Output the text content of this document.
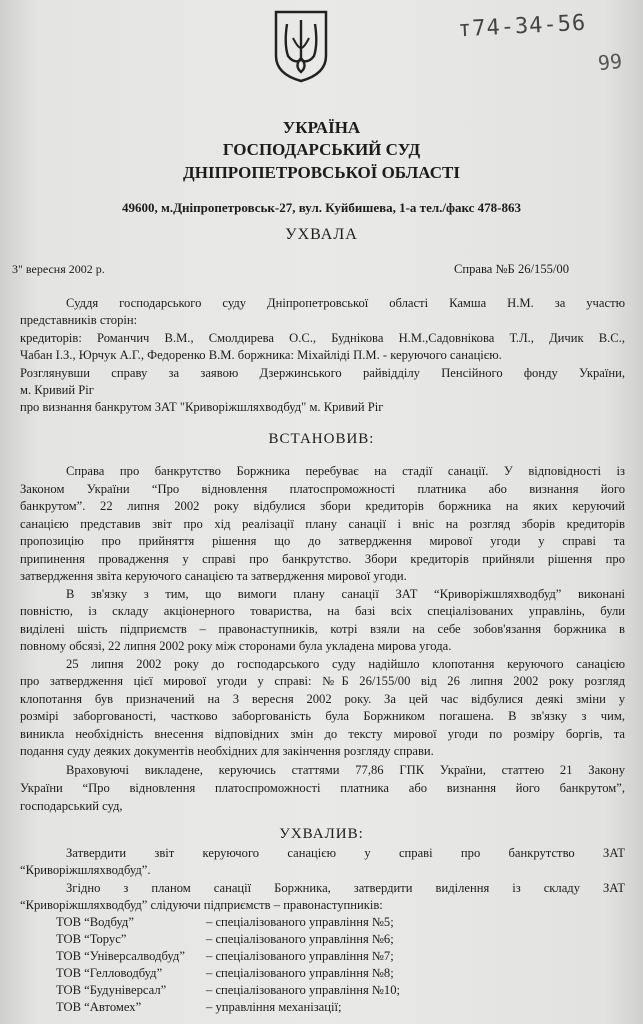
т74-34-56
99
УКРАЇНА
ГОСПОДАРСЬКИЙ СУД
ДНІПРОПЕТРОВСЬКОЇ ОБЛАСТІ
49600, м.Дніпропетровськ-27, вул. Куйбишева, 1-а тел./факс 478-863
УХВАЛА
3" вересня 2002 р.	Справа №Б 26/155/00
Суддя господарського суду Дніпропетровської області Камша Н.М. за участю
представників сторін:
кредиторів: Романчич В.М., Смолдирева О.С., Буднікова Н.М.,Садовнікова Т.Л., Дичик В.С.,
Чабан І.З., Юрчук А.Г., Федоренко В.М. боржника: Міхайліді П.М. - керуючого санацією.
Розглянувши справу за заявою Дзержинського райвідділу Пенсійного фонду України,
м. Кривий Ріг
про визнання банкрутом ЗАТ "Криворіжшляхводбуд" м. Кривий Ріг
ВСТАНОВИВ:
Справа про банкрутство Боржника перебуває на стадії санації. У відповідності із
Законом України “Про відновлення платоспроможності платника або визнання його
банкрутом”. 22 липня 2002 року відбулися збори кредиторів боржника на яких керуючий
санацією представив звіт про хід реалізації плану санації і вніс на розгляд зборів кредиторів
пропозицію про прийняття рішення що до затвердження мирової угоди у справі та
припинення провадження у справі про банкрутство. Збори кредиторів прийняли рішення про
затвердження звіта керуючого санацією та затвердження мирової угоди.
В зв'язку з тим, що вимоги плану санації ЗАТ “Криворіжшляхводбуд” виконані
повністю, із складу акціонерного товариства, на базі всіх спеціалізованих управлінь, були
виділені шість підприємств – правонаступників, котрі взяли на себе зобов'язання боржника в
повному обсязі, 22 липня 2002 року між сторонами була укладена мирова угода.
25 липня 2002 року до господарського суду надійшло клопотання керуючого санацією
про затвердження цієї мирової угоди у справі: №Б 26/155/00 від 26 липня 2002 року розгляд
клопотання був призначений на 3 вересня 2002 року. За цей час відбулися деякі зміни у
розмірі заборгованості, частково заборгованість була Боржником погашена. В зв'язку з чим,
виникла необхідність внесення відповідних змін до тексту мирової угоди по розміру боргів, та
подання суду деяких документів необхідних для закінчення розгляду справи.
Враховуючі викладене, керуючись статтями 77,86 ГПК України, статтею 21 Закону
України “Про відновлення платоспроможності платника або визнання його банкрутом”,
господарський суд,
УХВАЛИВ:
Затвердити звіт керуючого санацією у справі про банкрутство ЗАТ
“Криворіжшляхводбуд”.
Згідно з планом санації Боржника, затвердити виділення із складу ЗАТ
“Криворіжшляхводбуд” слідуючи підприємств – правонаступників:
ТОВ “Водбуд”	– спеціалізованого управління №5;
ТОВ “Торус”	– спеціалізованого управління №6;
ТОВ “Універсалводбуд” – спеціалізованого управління №7;
ТОВ “Гелловодбуд”	– спеціалізованого управління №8;
ТОВ “Будуніверсал”	– спеціалізованого управління №10;
ТОВ “Автомех”	– управління механізації;
